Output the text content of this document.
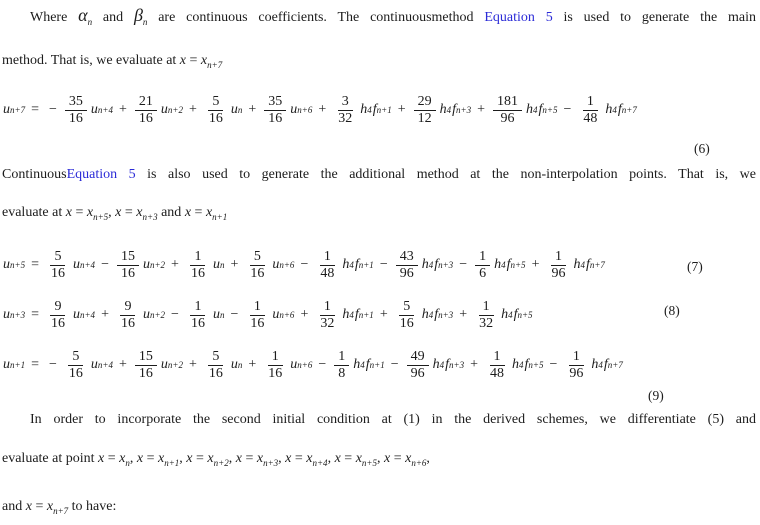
Where $\alpha_n$ and $\beta_n$ are continuous coefficients. The continuousmethod Equation 5 is used to generate the main
method. That is, we evaluate at $x = x_{n+7}$
u n+7 = − $\frac{35}{16}$ u $n+4 + \frac{21}{16}$ u $n+2 + \frac{5}{16}$ u $n + \frac{35}{16}$ u $n+6 + \frac{3}{32}$ h 4 f $n+1 + \frac{29}{12}$ h 4 f $n+3 + \frac{181}{96}$ h 4 f $n+5 - \frac{1}{48}$ h 4 f n+7
(6)
ContinuousEquation 5 is also used to generate the additional method at the non-interpolation points. That is, we
evaluate at $x = x_{n+5}$, $x = x_{n+3}$ and $x = x_{n+1}$
u $n+5 = \frac{5}{16}$ u $n+4 - \frac{15}{16}$ u $n+2 + \frac{1}{16}$ u $n + \frac{5}{16}$ u $n+6 - \frac{1}{48}$ h 4 f $n+1 - \frac{43}{96}$ h 4 f $n+3 - \frac{1}{6}$ h 4 f $n+5 + \frac{1}{96}$ h 4 f n+7	(7)
u $n+3 = \frac{9}{16}$ u $n+4 + \frac{9}{16}$ u $n+2 - \frac{1}{16}$ u $n - \frac{1}{16}$ u $n+6 + \frac{1}{32}$ h 4 f $n+1 + \frac{5}{16}$ h 4 f $n+3 + \frac{1}{32}$ h 4 f n+5	(8)
u n+1 = − $\frac{5}{16}$ u $n+4 + \frac{15}{16}$ u $n+2 + \frac{5}{16}$ u $n + \frac{1}{16}$ u $n+6 - \frac{1}{8}$ h 4 f $n+1 - \frac{49}{96}$ h 4 f $n+3 + \frac{1}{48}$ h 4 f $n+5 - \frac{1}{96}$ h 4 f n+7
(9)
In order to incorporate the second initial condition at (1) in the derived schemes, we differentiate (5) and
evaluate at point $x = x_n$, $x = x_{n+1}$, $x = x_{n+2}$, $x = x_{n+3}$, $x = x_{n+4}$, $x = x_{n+5}$, $x = x_{n+6}$,
and $x = x_{n+7}$ to have:
